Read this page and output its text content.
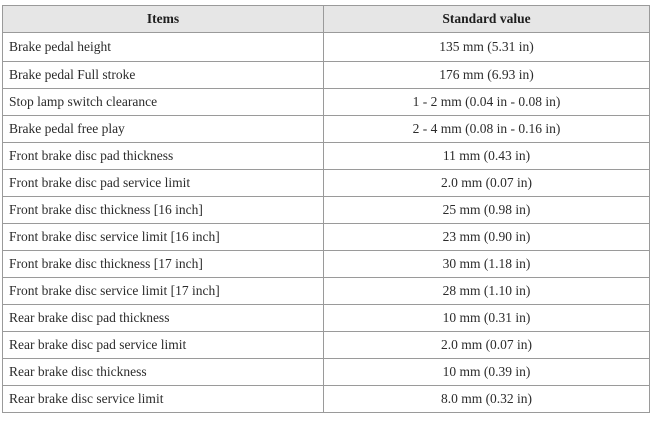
Items	Standard value
Brake pedal height	135 mm (5.31 in)
Brake pedal Full stroke	176 mm (6.93 in)
Stop lamp switch clearance	1 - 2 mm (0.04 in - 0.08 in)
Brake pedal free play	2 - 4 mm (0.08 in - 0.16 in)
Front brake disc pad thickness	11 mm (0.43 in)
Front brake disc pad service limit	2.0 mm (0.07 in)
Front brake disc thickness [16 inch]	25 mm (0.98 in)
Front brake disc service limit [16 inch]	23 mm (0.90 in)
Front brake disc thickness [17 inch]	30 mm (1.18 in)
Front brake disc service limit [17 inch]	28 mm (1.10 in)
Rear brake disc pad thickness	10 mm (0.31 in)
Rear brake disc pad service limit	2.0 mm (0.07 in)
Rear brake disc thickness	10 mm (0.39 in)
Rear brake disc service limit	8.0 mm (0.32 in)
